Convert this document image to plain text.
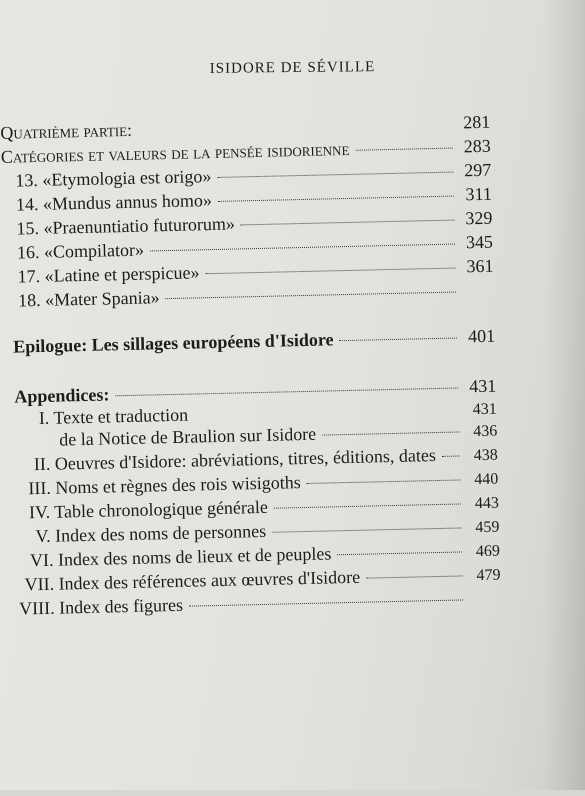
ISIDORE DE SÉVILLE
Quatrième partie:	281
Catégories et valeurs de la pensée isidorienne	283
13. «Etymologia est origo»	297
14. «Mundus annus homo»	311
15. «Praenuntiatio futurorum»	329
16. «Compilator»	345
17. «Latine et perspicue»	361
18. «Mater Spania»
Epilogue: Les sillages européens d'Isidore	401
Appendices:	431
I. Texte et traduction	431
de la Notice de Braulion sur Isidore	436
II. Oeuvres d'Isidore: abréviations, titres, éditions, dates	438
III. Noms et règnes des rois wisigoths	440
IV. Table chronologique générale	443
V. Index des noms de personnes	459
VI. Index des noms de lieux et de peuples	469
VII. Index des références aux œuvres d'Isidore	479
VIII. Index des figures
